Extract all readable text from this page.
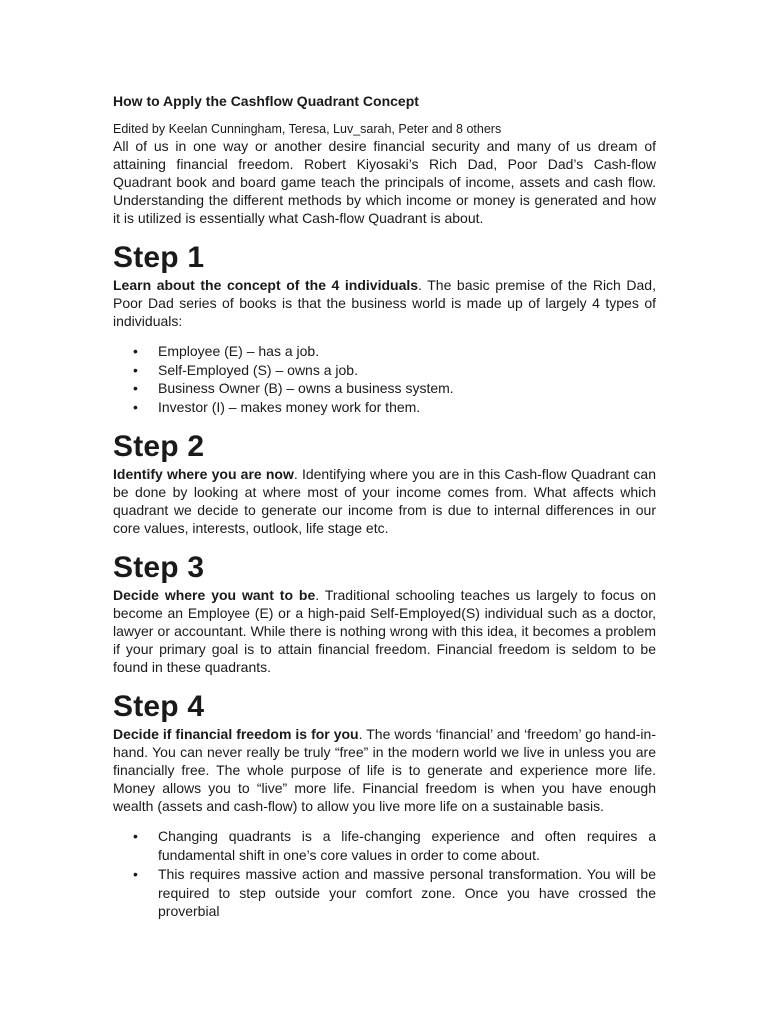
How to Apply the Cashflow Quadrant Concept
Edited by Keelan Cunningham, Teresa, Luv_sarah, Peter and 8 others

All of us in one way or another desire financial security and many of us dream of attaining financial freedom. Robert Kiyosaki’s Rich Dad, Poor Dad’s Cash-flow Quadrant book and board game teach the principals of income, assets and cash flow. Understanding the different methods by which income or money is generated and how it is utilized is essentially what Cash-flow Quadrant is about.

Step 1

Learn about the concept of the 4 individuals. The basic premise of the Rich Dad, Poor Dad series of books is that the business world is made up of largely 4 types of individuals:

• Employee (E) – has a job.
• Self-Employed (S) – owns a job.
• Business Owner (B) – owns a business system.
• Investor (I) – makes money work for them.
Step 2

Identify where you are now. Identifying where you are in this Cash-flow Quadrant can be done by looking at where most of your income comes from. What affects which quadrant we decide to generate our income from is due to internal differences in our core values, interests, outlook, life stage etc.

Step 3

Decide where you want to be. Traditional schooling teaches us largely to focus on become an Employee (E) or a high-paid Self-Employed(S) individual such as a doctor, lawyer or accountant. While there is nothing wrong with this idea, it becomes a problem if your primary goal is to attain financial freedom. Financial freedom is seldom to be found in these quadrants.

Step 4

Decide if financial freedom is for you. The words ‘financial’ and ‘freedom’ go hand-in-hand. You can never really be truly “free” in the modern world we live in unless you are financially free. The whole purpose of life is to generate and experience more life. Money allows you to “live” more life. Financial freedom is when you have enough wealth (assets and cash-flow) to allow you live more life on a sustainable basis.

• Changing quadrants is a life-changing experience and often requires a fundamental shift in one’s core values in order to come about.
• This requires massive action and massive personal transformation. You will be required to step outside your comfort zone. Once you have crossed the proverbial
